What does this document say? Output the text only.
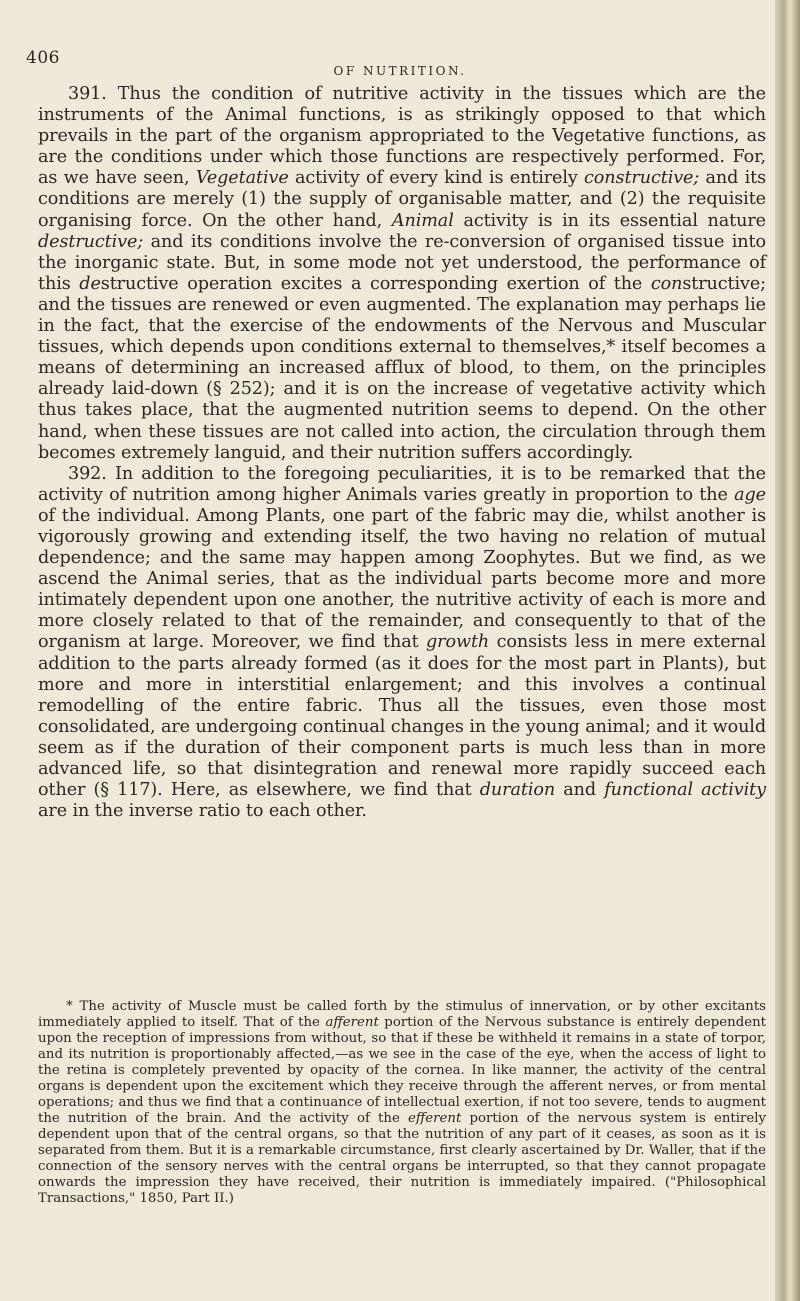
406
OF NUTRITION.

391. Thus the condition of nutritive activity in the tissues which are the instruments of the Animal functions, is as strikingly opposed to that which prevails in the part of the organism appropriated to the Vegetative functions, as are the conditions under which those functions are respectively performed. For, as we have seen, Vegetative activity of every kind is entirely constructive; and its conditions are merely (1) the supply of organisable matter, and (2) the requisite organising force. On the other hand, Animal activity is in its essential nature destructive; and its conditions involve the re-conversion of organised tissue into the inorganic state. But, in some mode not yet understood, the performance of this destructive operation excites a corresponding exertion of the constructive; and the tissues are renewed or even augmented. The explanation may perhaps lie in the fact, that the exercise of the endowments of the Nervous and Muscular tissues, which depends upon conditions external to themselves,* itself becomes a means of determining an increased afflux of blood, to them, on the principles already laid-down (§ 252); and it is on the increase of vegetative activity which thus takes place, that the augmented nutrition seems to depend. On the other hand, when these tissues are not called into action, the circulation through them becomes extremely languid, and their nutrition suffers accordingly.

392. In addition to the foregoing peculiarities, it is to be remarked that the activity of nutrition among higher Animals varies greatly in proportion to the age of the individual. Among Plants, one part of the fabric may die, whilst another is vigorously growing and extending itself, the two having no relation of mutual dependence; and the same may happen among Zoophytes. But we find, as we ascend the Animal series, that as the individual parts become more and more intimately dependent upon one another, the nutritive activity of each is more and more closely related to that of the remainder, and consequently to that of the organism at large. Moreover, we find that growth consists less in mere external addition to the parts already formed (as it does for the most part in Plants), but more and more in interstitial enlargement; and this involves a continual remodelling of the entire fabric. Thus all the tissues, even those most consolidated, are undergoing continual changes in the young animal; and it would seem as if the duration of their component parts is much less than in more advanced life, so that disintegration and renewal more rapidly succeed each other (§ 117). Here, as elsewhere, we find that duration and functional activity are in the inverse ratio to each other.

* The activity of Muscle must be called forth by the stimulus of innervation, or by other excitants immediately applied to itself. That of the afferent portion of the Nervous substance is entirely dependent upon the reception of impressions from without, so that if these be withheld it remains in a state of torpor, and its nutrition is proportionably affected,—as we see in the case of the eye, when the access of light to the retina is completely prevented by opacity of the cornea. In like manner, the activity of the central organs is dependent upon the excitement which they receive through the afferent nerves, or from mental operations; and thus we find that a continuance of intellectual exertion, if not too severe, tends to augment the nutrition of the brain. And the activity of the efferent portion of the nervous system is entirely dependent upon that of the central organs, so that the nutrition of any part of it ceases, as soon as it is separated from them. But it is a remarkable circumstance, first clearly ascertained by Dr. Waller, that if the connection of the sensory nerves with the central organs be interrupted, so that they cannot propagate onwards the impression they have received, their nutrition is immediately impaired. ("Philosophical Transactions," 1850, Part II.)
